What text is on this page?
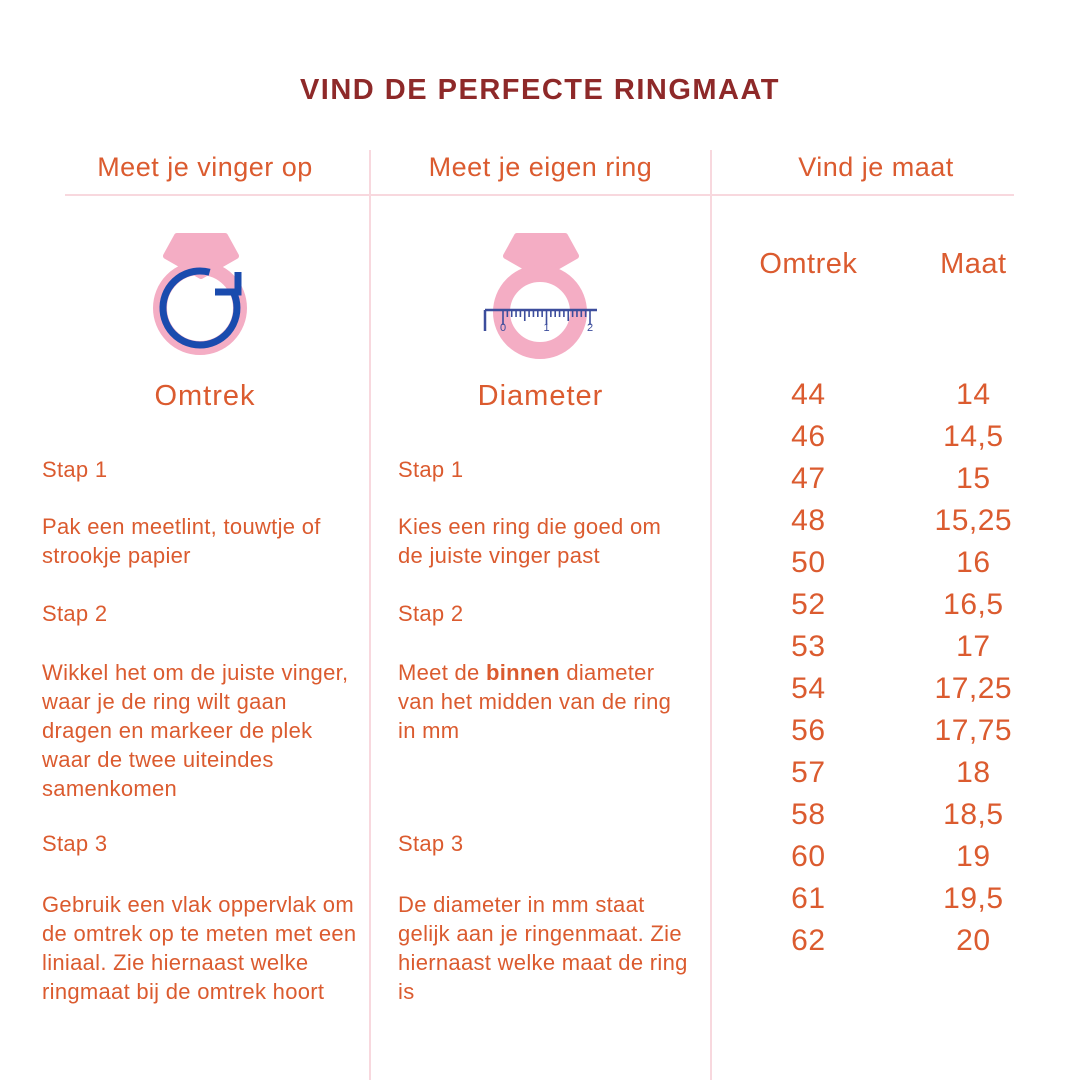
VIND DE PERFECTE RINGMAAT
Meet je vinger op	Meet je eigen ring	Vind je maat
Omtrek
Stap 1

Pak een meetlint, touwtje of strookje papier

Stap 2

Wikkel het om de juiste vinger, waar je de ring wilt gaan dragen en markeer de plek waar de twee uiteindes samenkomen

Stap 3

Gebruik een vlak oppervlak om de omtrek op te meten met een liniaal. Zie hiernaast welke ringmaat bij de omtrek hoort

0	1	2
Diameter
Stap 1

Kies een ring die goed om de juiste vinger past

Stap 2

Meet de binnen diameter van het midden van de ring in mm

Stap 3

De diameter in mm staat gelijk aan je ringenmaat. Zie hiernaast welke maat de ring is

Omtrek	Maat
44	14
46	14,5
47	15
48	15,25
50	16
52	16,5
53	17
54	17,25
56	17,75
57	18
58	18,5
60	19
61	19,5
62	20
